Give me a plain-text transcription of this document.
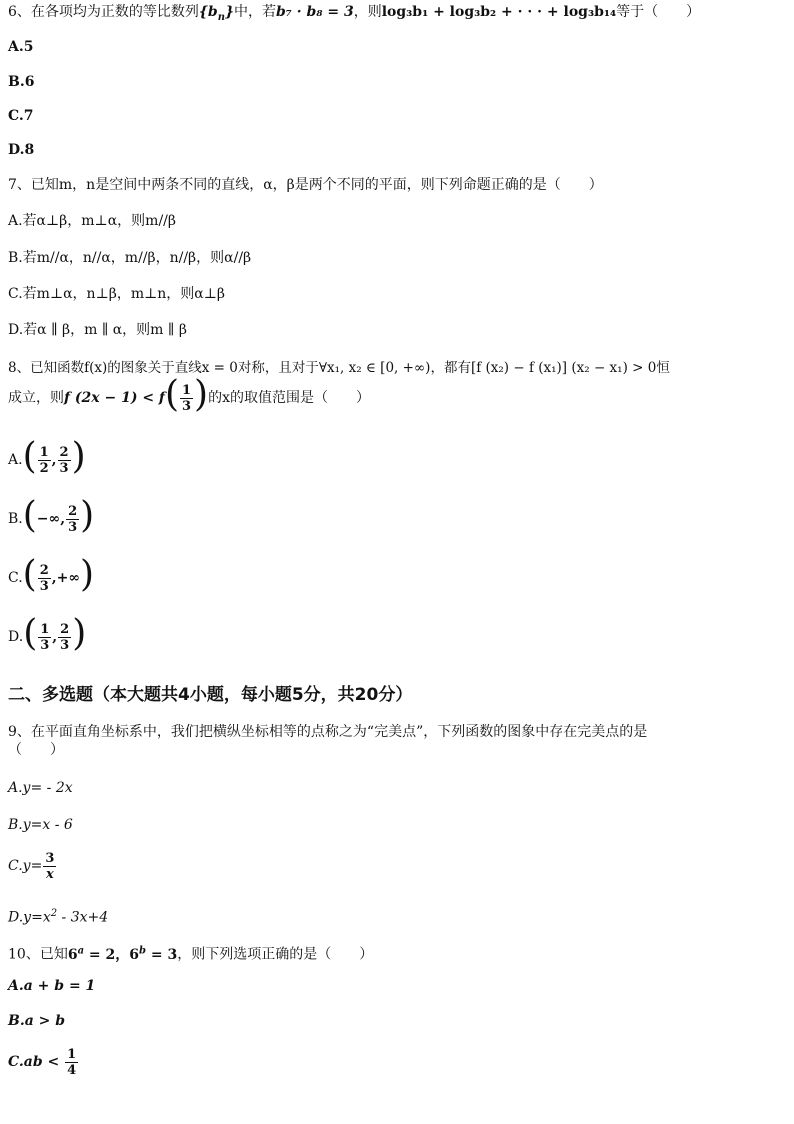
6、在各项均为正数的等比数列$\{b_n\}$中，若b₇ · b₈ = 3，则log₃b₁ + log₃b₂ + · · · + log₃b₁₄等于（　　）
A.5
B.6
C.7
D.8
7、已知m，n是空间中两条不同的直线，α，β是两个不同的平面，则下列命题正确的是（　　）
A.若α⊥β，m⊥α，则m//β
B.若m//α，n//α，m//β，n//β，则α//β
C.若m⊥α，n⊥β，m⊥n，则α⊥β
D.若α ∥ β，m ∥ α，则m ∥ β
8、已知函数f(x)的图象关于直线x = 0对称，且对于∀x₁, x₂ ∈ [0, +∞)，都有[f (x₂) − f (x₁)] (x₂ − x₁) > 0恒
成立，则f $(2x - 1) < f( \frac{1}{3}$ )的x的取值范围是（　　）
$A.( \frac{1}{2}$ , $\frac{2}{3}$ )
B.(−∞, $\frac{2}{3}$ )
$C.( \frac{2}{3}$ ,+∞)
$D.( \frac{1}{3}$ , $\frac{2}{3}$ )
二、多选题（本大题共4小题，每小题5分，共20分）
9、在平面直角坐标系中，我们把横纵坐标相等的点称之为“完美点”，下列函数的图象中存在完美点的是
（　　）
A.y= - 2x
B.y=x - 6
$C.y= \frac{3}{x}$
$D.y=x^2 - 3x+4$
10、已知$6^a = 2$，$6^b = 3$，则下列选项正确的是（　　）
A.a + b = 1
B.a > b
$C.ab < \frac{1}{4}$
